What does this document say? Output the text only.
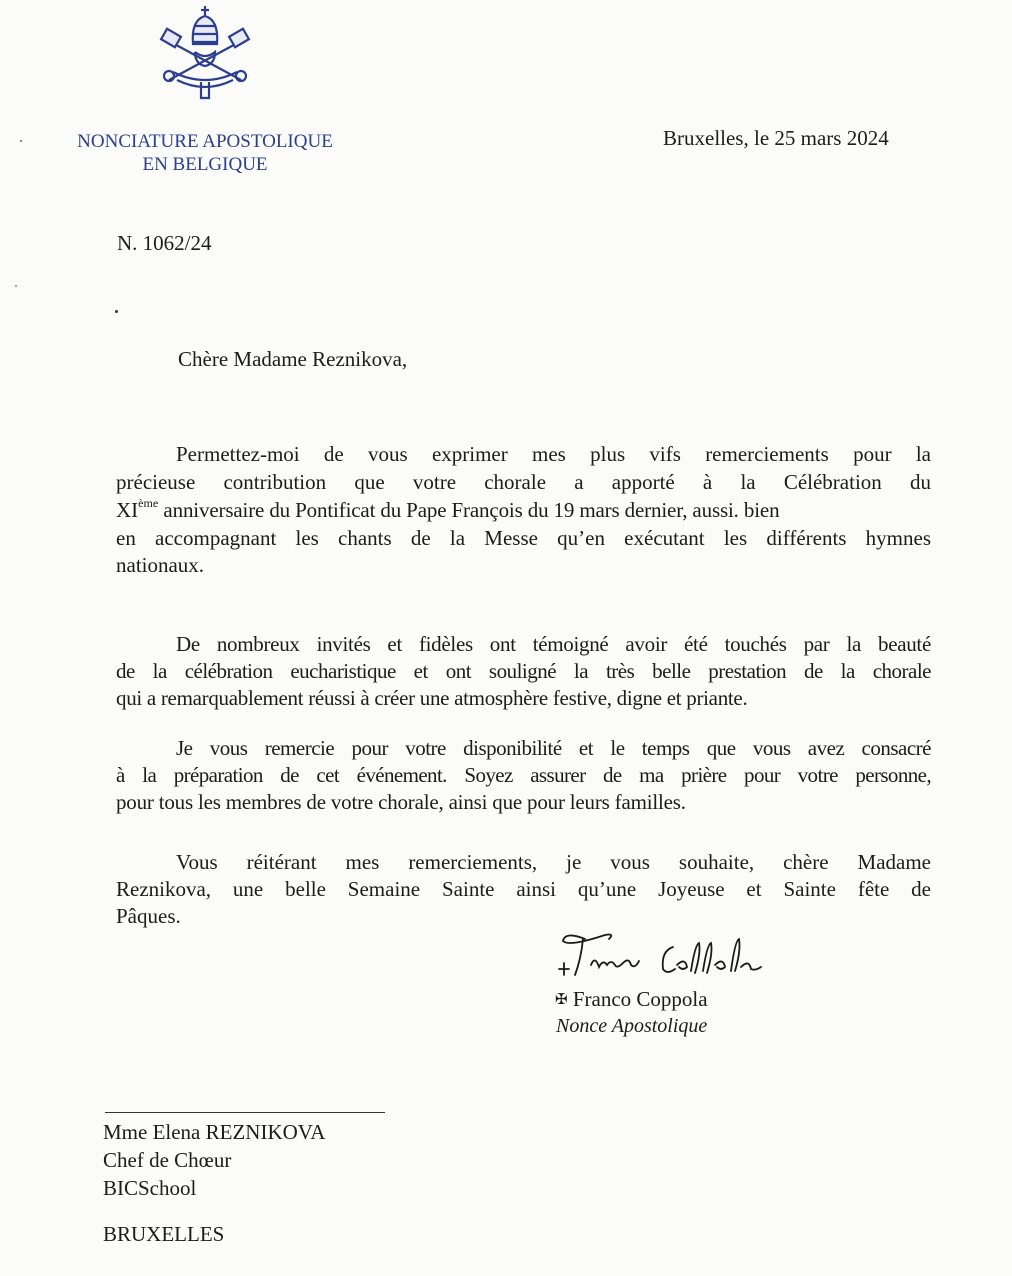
NONCIATURE APOSTOLIQUE
EN BELGIQUE
Bruxelles, le 25 mars 2024
N. 1062/24
Chère Madame Reznikova,
Permettez-moi de vous exprimer mes plus vifs remerciements pour la
précieuse contribution que votre chorale a apporté à la Célébration du
XIème anniversaire du Pontificat du Pape François du 19 mars dernier, aussi. bien
en accompagnant les chants de la Messe qu’en exécutant les différents hymnes
nationaux.
De nombreux invités et fidèles ont témoigné avoir été touchés par la beauté
de la célébration eucharistique et ont souligné la très belle prestation de la chorale
qui a remarquablement réussi à créer une atmosphère festive, digne et priante.
Je vous remercie pour votre disponibilité et le temps que vous avez consacré
à la préparation de cet événement. Soyez assurer de ma prière pour votre personne,
pour tous les membres de votre chorale, ainsi que pour leurs familles.
Vous réitérant mes remerciements, je vous souhaite, chère Madame
Reznikova, une belle Semaine Sainte ainsi qu’une Joyeuse et Sainte fête de
Pâques.
✠ Franco Coppola
Nonce Apostolique
Mme Elena REZNIKOVA
Chef de Chœur
BICSchool
BRUXELLES
